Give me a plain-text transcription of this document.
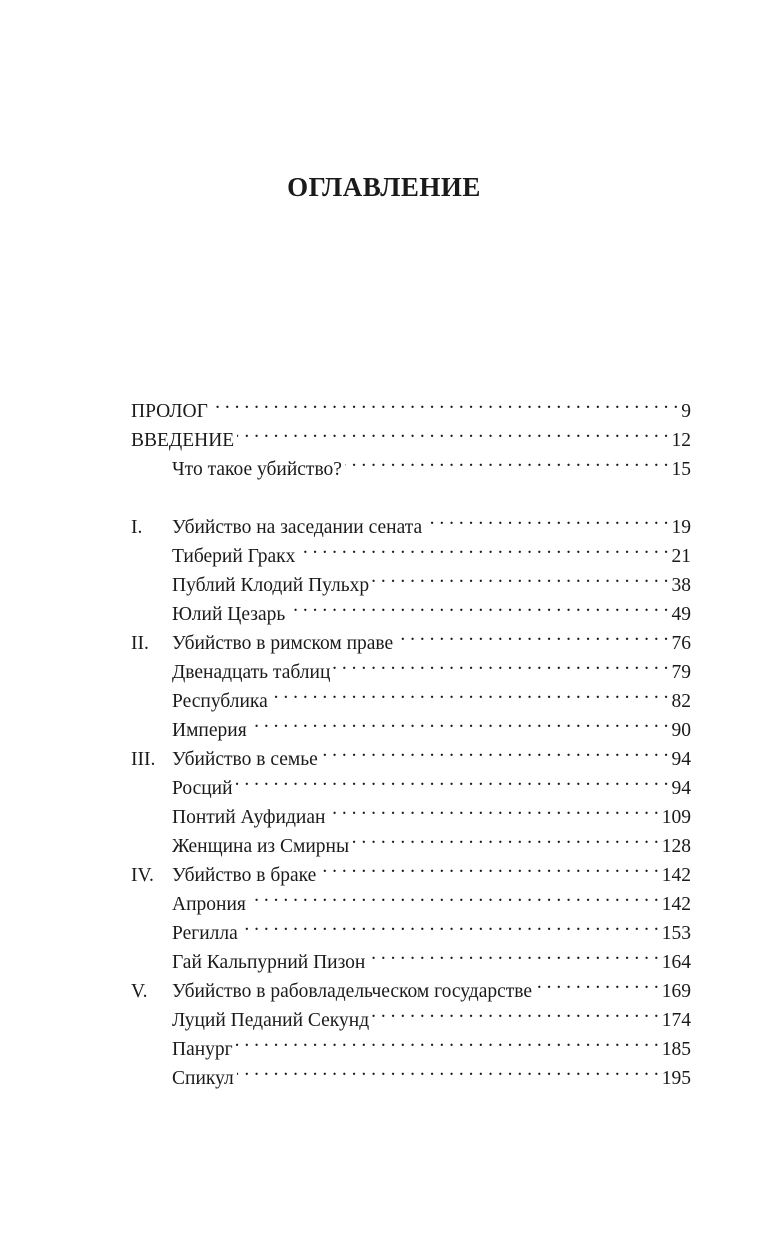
ОГЛАВЛЕНИЕ
ПРОЛОГ . . .	9
ВВЕДЕНИЕ . . .	12
Что такое убийство? . . .	15
I.	Убийство на заседании сената . . .	19
Тиберий Гракх . . .	21
Публий Клодий Пульхр . . .	38
Юлий Цезарь . . .	49
II.	Убийство в римском праве . . .	76
Двенадцать таблиц . . .	79
Республика . . .	82
Империя . . .	90
III. Убийство в семье . . .	94
Росций . . .	94
Понтий Ауфидиан . . .	109
Женщина из Смирны . . .	128
IV. Убийство в браке . . .	142
Апрония . . .	142
Регилла . . .	153
Гай Кальпурний Пизон . . .	164
V.	Убийство в рабовладельческом государстве . . .	169
Луций Педаний Секунд . . .	174
Панург . . .	185
Спикул . . .	195
